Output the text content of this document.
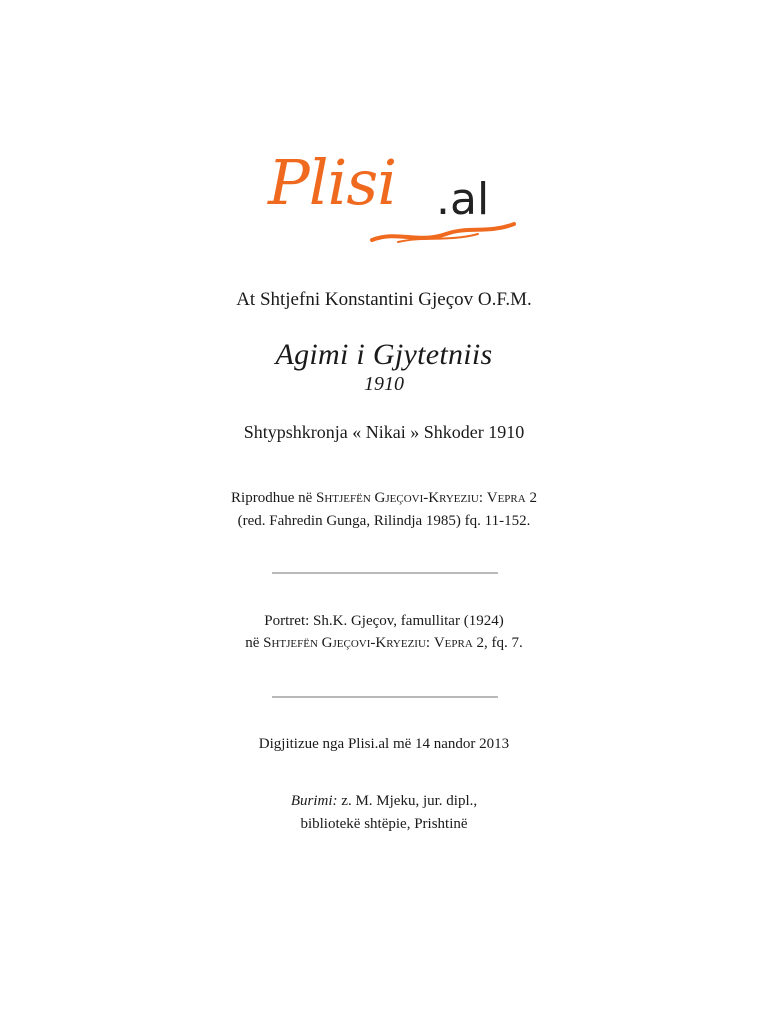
Plisi .al
At Shtjefni Konstantini Gjeçov O.F.M.
Agimi i Gjytetniis
1910
Shtypshkronja « Nikai » Shkoder 1910
Riprodhue në Shtjefën Gjeçovi-Kryeziu: Vepra 2
(red. Fahredin Gunga, Rilindja 1985) fq. 11-152.
Portret: Sh.K. Gjeçov, famullitar (1924)
në Shtjefën Gjeçovi-Kryeziu: Vepra 2, fq. 7.
Digjitizue nga Plisi.al më 14 nandor 2013
Burimi: z. M. Mjeku, jur. dipl.,
bibliotekë shtëpie, Prishtinë
